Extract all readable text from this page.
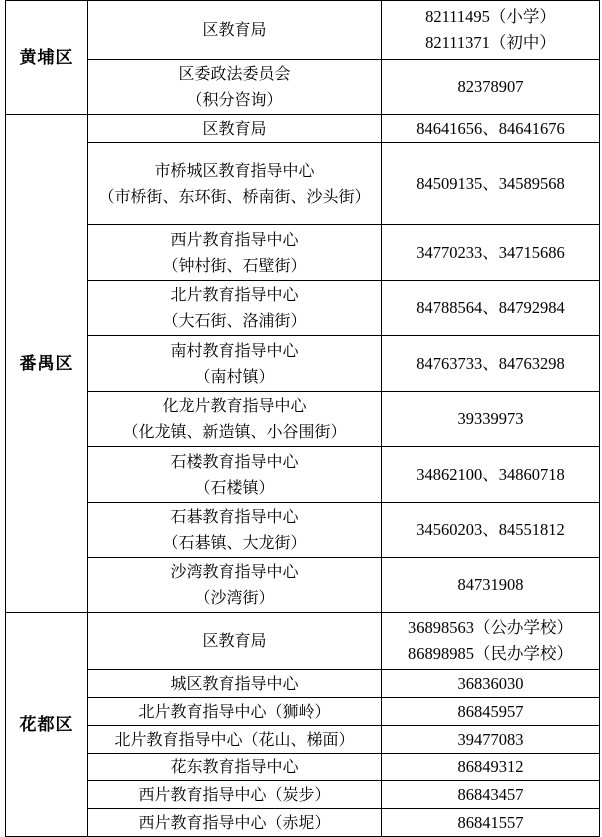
黄埔区	区教育局	82111495（小学）
82111371（初中）

	区委政法委员会
（积分咨询）	82378907

番禺区	区教育局	84641656、84641676

	市桥城区教育指导中心
（市桥街、东环街、桥南街、沙头街）	84509135、34589568

	西片教育指导中心
（钟村街、石壁街）	34770233、34715686

	北片教育指导中心
（大石街、洛浦街）	84788564、84792984

	南村教育指导中心
（南村镇）	84763733、84763298

	化龙片教育指导中心
（化龙镇、新造镇、小谷围街）	39339973

	石楼教育指导中心
（石楼镇）	34862100、34860718

	石碁教育指导中心
（石碁镇、大龙街）	34560203、84551812

	沙湾教育指导中心
（沙湾街）	84731908

花都区	区教育局	36898563（公办学校）
86898985（民办学校）

	城区教育指导中心	36836030

	北片教育指导中心（狮岭）	86845957

	北片教育指导中心（花山、梯面）	39477083

	花东教育指导中心	86849312

	西片教育指导中心（炭步）	86843457

	西片教育指导中心（赤坭）	86841557
